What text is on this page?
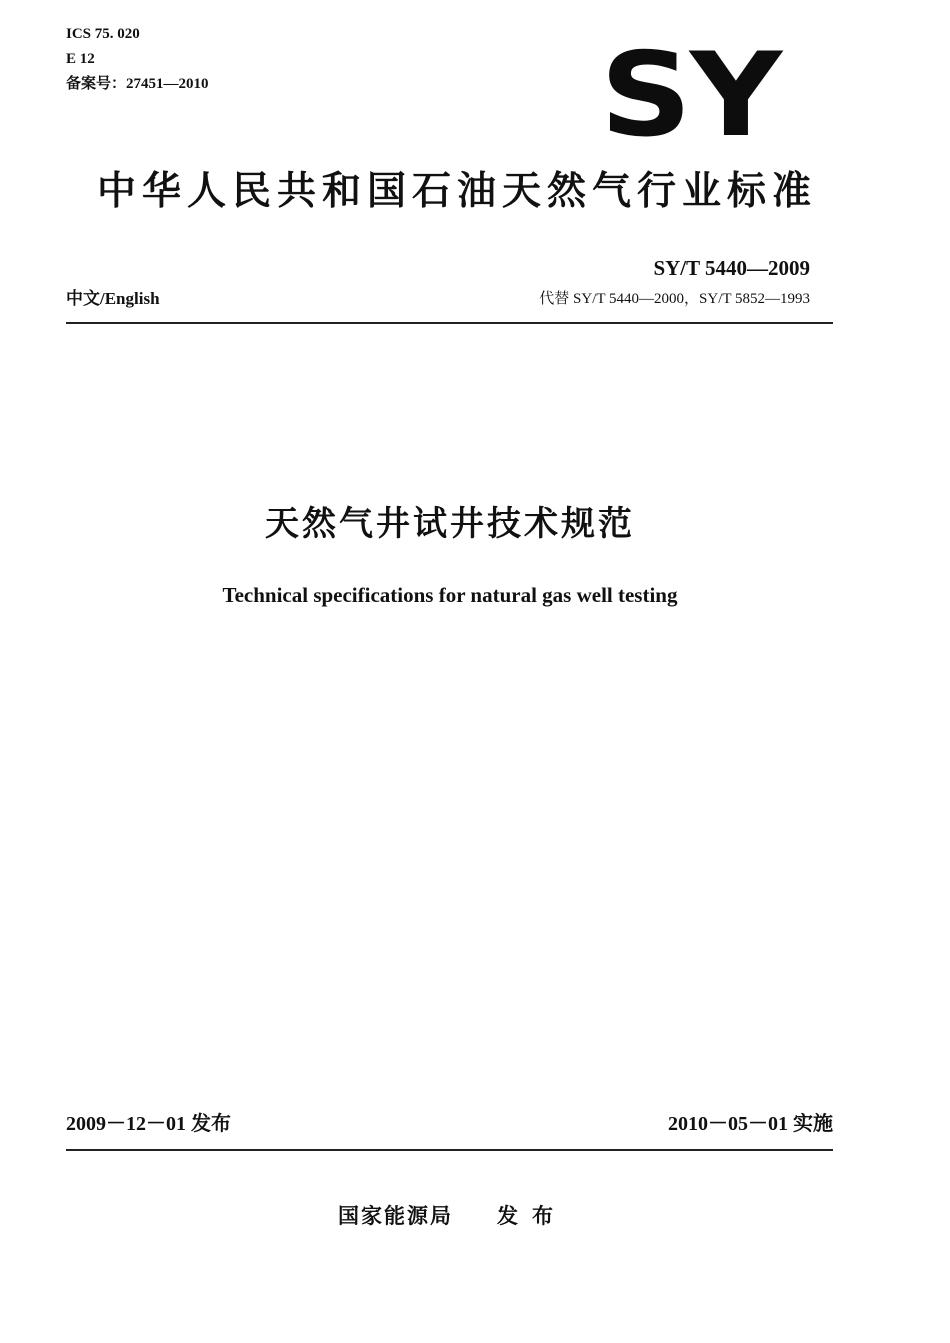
ICS 75. 020
E 12
备案号：27451—2010	SY
中华人民共和国石油天然气行业标准
SY/T 5440—2009
中文/English	代替 SY/T 5440—2000，SY/T 5852—1993
天然气井试井技术规范
Technical specifications for natural gas well testing
2009－12－01 发布	2010－05－01 实施
国家能源局 发布
